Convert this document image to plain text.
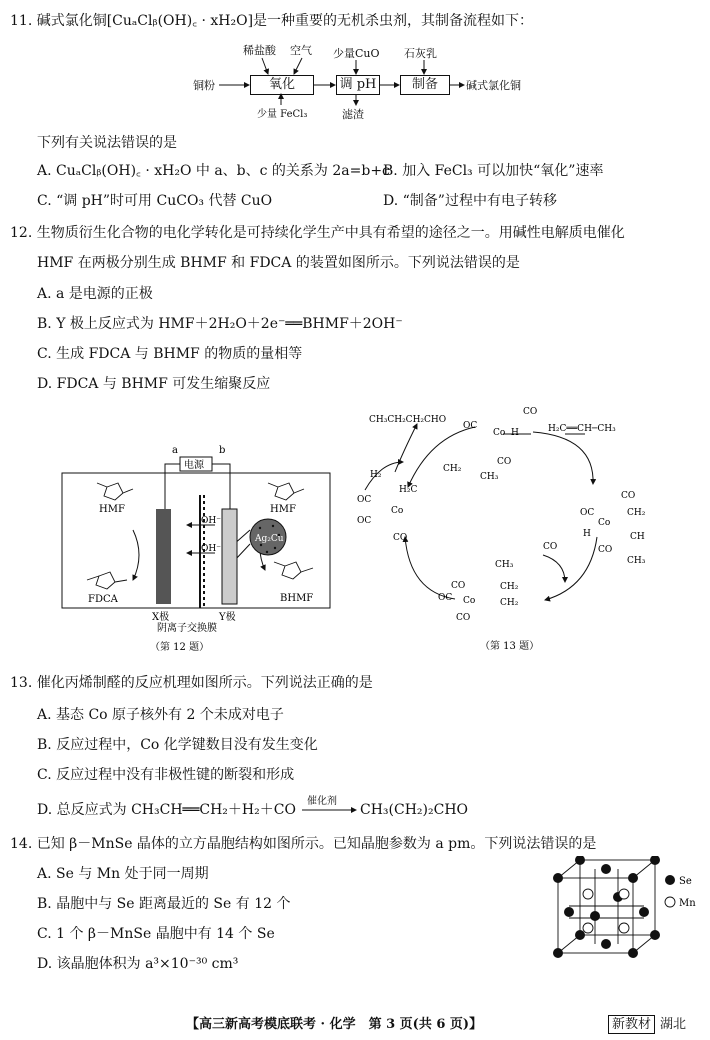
11. 碱式氯化铜[CuₐClᵦ(OH)꜀ · xH₂O]是一种重要的无机杀虫剂，其制备流程如下：
稀盐酸 空气 少量CuO 石灰乳
铜粉	氧化	调 pH	制备	碱式氯化铜
少量 FeCl₃	滤渣
下列有关说法错误的是
A. CuₐClᵦ(OH)꜀ · xH₂O 中 a、b、c 的关系为 2a=b+c
B. 加入 FeCl₃ 可以加快“氧化”速率
C. “调 pH”时可用 CuCO₃ 代替 CuO	D. “制备”过程中有电子转移
12. 生物质衍生化合物的电化学转化是可持续化学生产中具有希望的途径之一。用碱性电解质电催化
HMF 在两极分别生成 BHMF 和 FDCA 的装置如图所示。下列说法错误的是
A. a 是电源的正极
B. Y 极上反应式为 HMF＋2H₂O＋2e⁻══BHMF＋2OH⁻
C. 生成 FDCA 与 BHMF 的物质的量相等
D. FDCA 与 BHMF 可发生缩聚反应
a	b
电源
HMF	HMF
FDCA	BHMF
X极	Y极
OH⁻
OH⁻
Ag₂Cu
阴离子交换膜
（第 12 题）
CH₃CH₂CH₂CHO
H₂C══CH─CH₃
H₂
CO
CO
OC
Co H
CO
H₂C
CH₂
CH₃
OC
OC
Co
CO
CO
OC
Co
H
CO
CH₂
CH
CH₃
CH₃
CH₂
CH₂
CO
OC Co
CO
（第 13 题）
13. 催化丙烯制醛的反应机理如图所示。下列说法正确的是
A. 基态 Co 原子核外有 2 个未成对电子
B. 反应过程中，Co 化学键数目没有发生变化
C. 反应过程中没有非极性键的断裂和形成
D. 总反应式为 CH₃CH══CH₂＋H₂＋CO
催化剂
→ CH₃(CH₂)₂CHO
14. 已知 β－MnSe 晶体的立方晶胞结构如图所示。已知晶胞参数为 a pm。下列说法错误的是
A. Se 与 Mn 处于同一周期
B. 晶胞中与 Se 距离最近的 Se 有 12 个
C. 1 个 β－MnSe 晶胞中有 14 个 Se
D. 该晶胞体积为 a³×10⁻³⁰ cm³
Se
Mn
【高三新高考模底联考 · 化学　第 3 页(共 6 页)】	新教材 湖北
